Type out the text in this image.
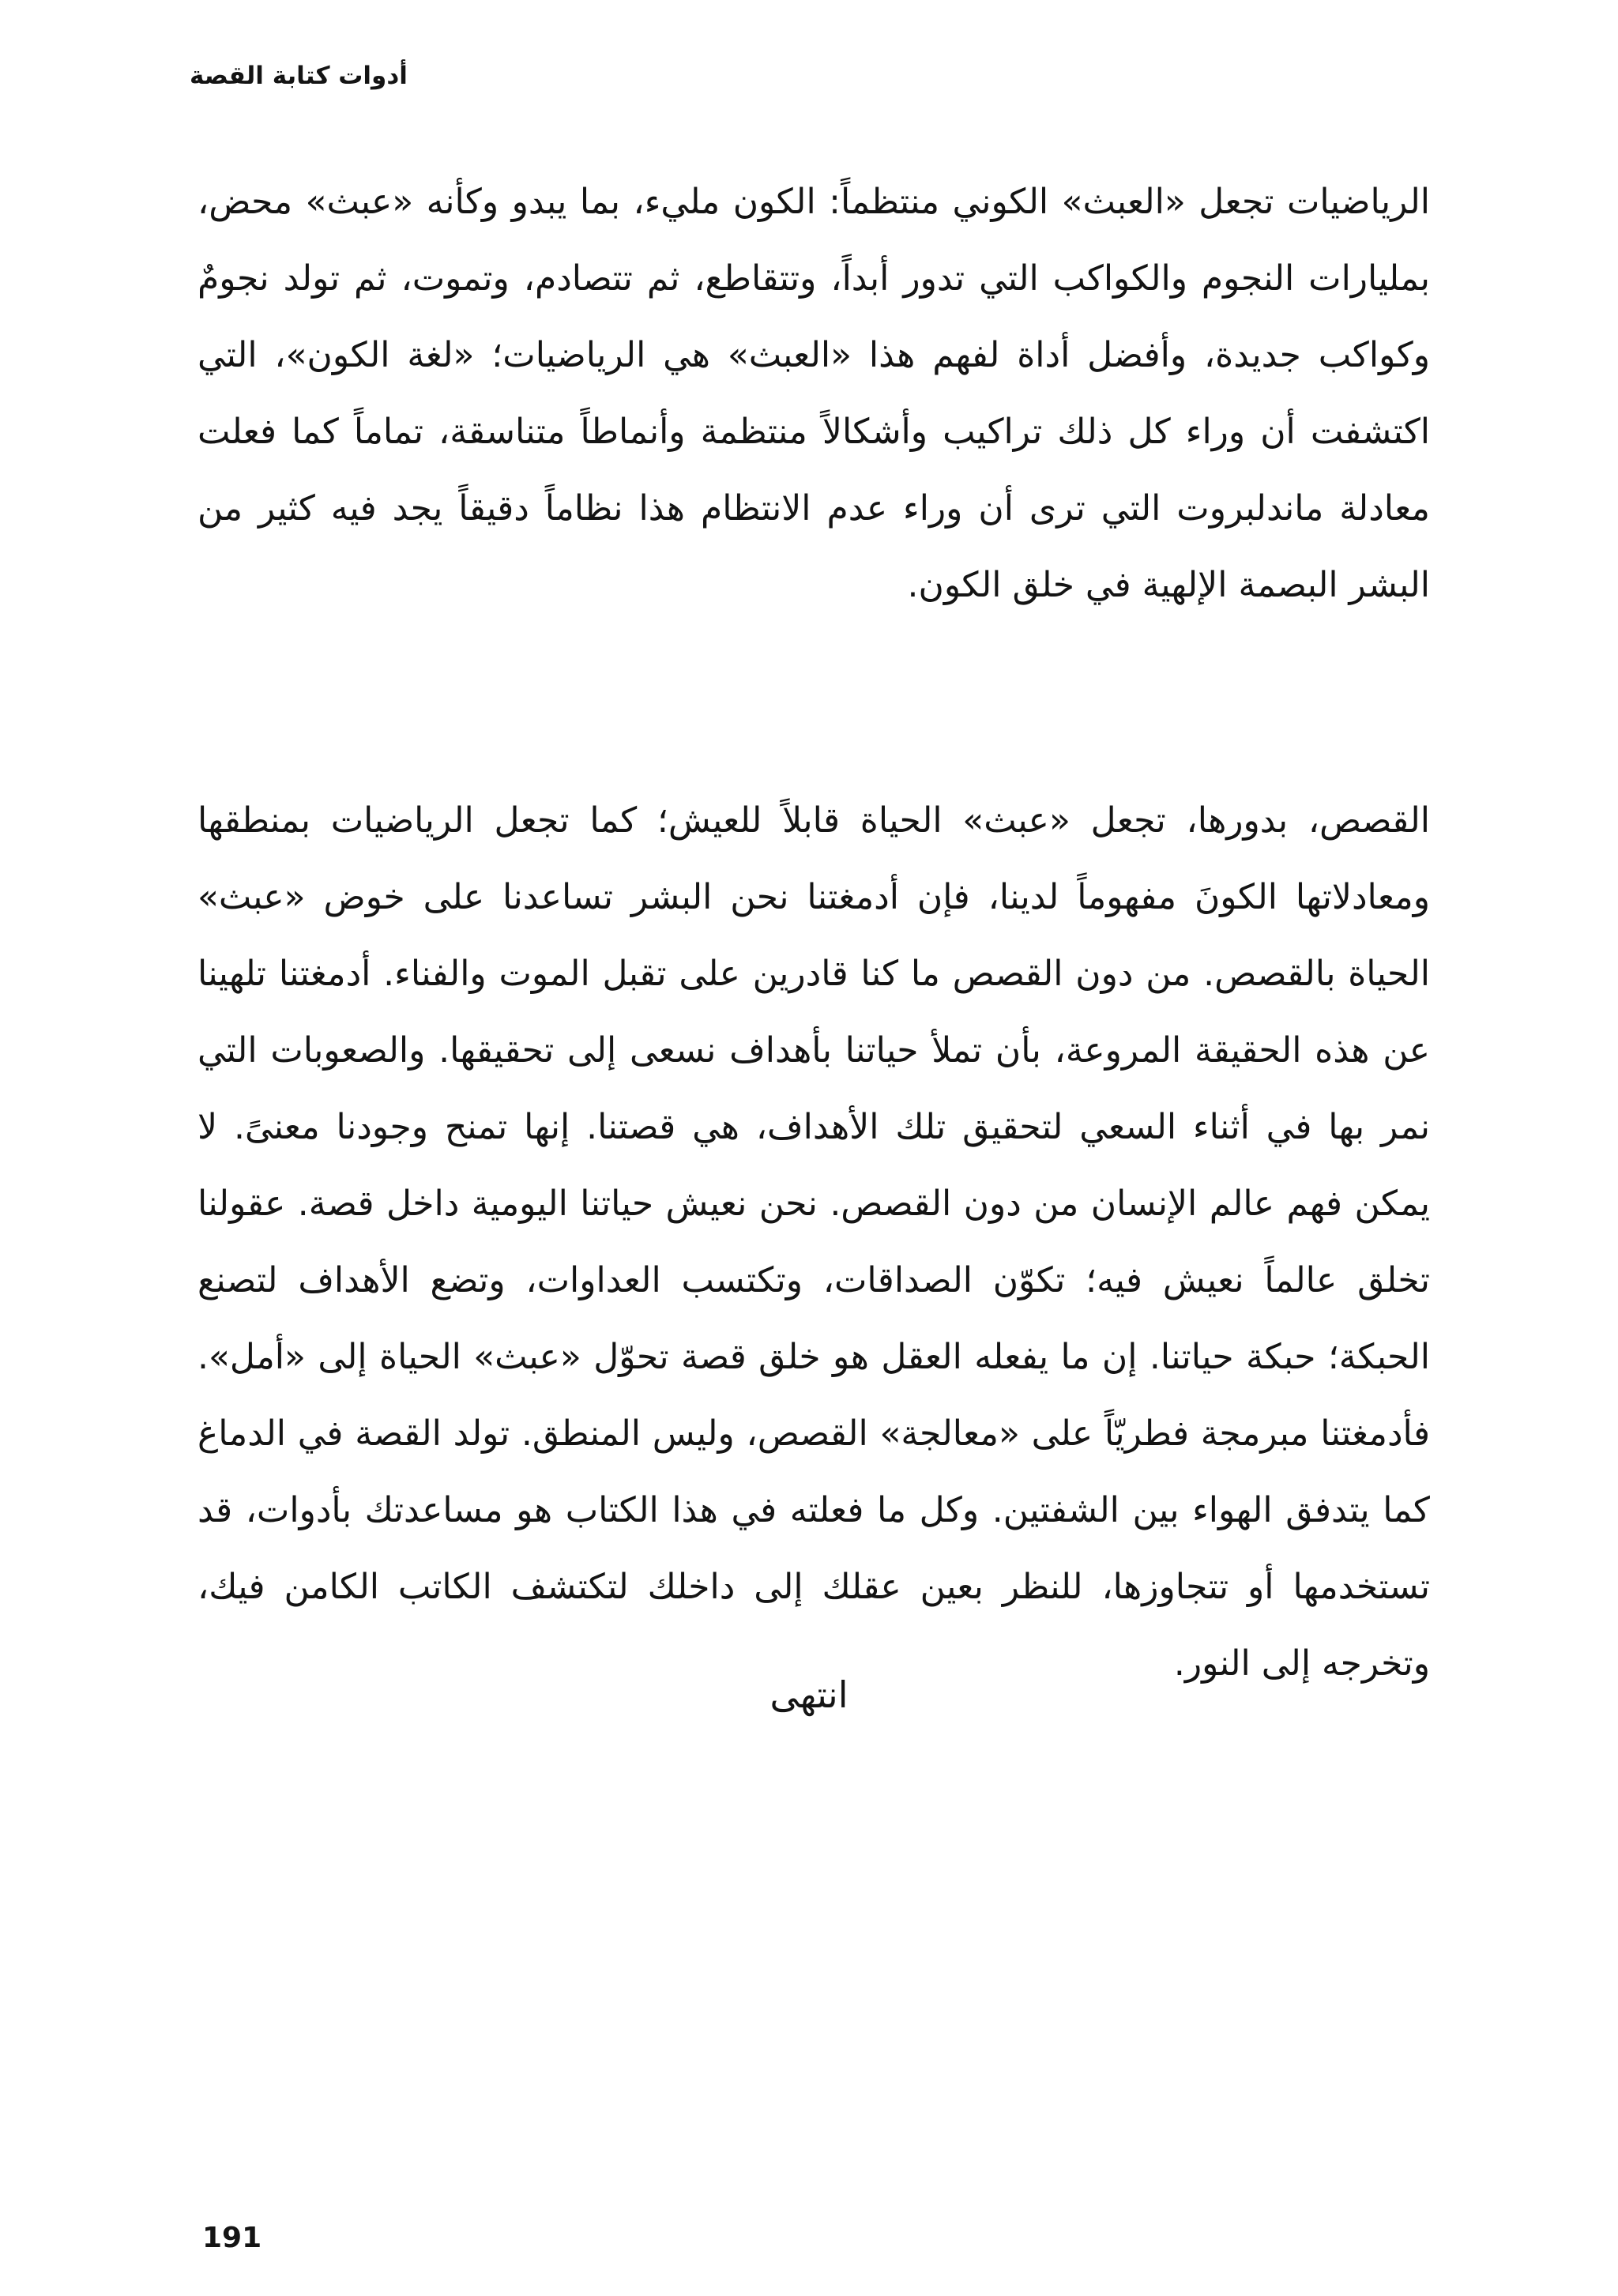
أدوات كتابة القصة

الرياضيات تجعل «العبث» الكوني منتظماً: الكون مليء، بما يبدو وكأنه «عبث» محض، بمليارات النجوم والكواكب التي تدور أبداً، وتتقاطع، ثم تتصادم، وتموت، ثم تولد نجومٌ وكواكب جديدة، وأفضل أداة لفهم هذا «العبث» هي الرياضيات؛ «لغة الكون»، التي اكتشفت أن وراء كل ذلك تراكيب وأشكالاً منتظمة وأنماطاً متناسقة، تماماً كما فعلت معادلة ماندلبروت التي ترى أن وراء عدم الانتظام هذا نظاماً دقيقاً يجد فيه كثير من البشر البصمة الإلهية في خلق الكون.

القصص، بدورها، تجعل «عبث» الحياة قابلاً للعيش؛ كما تجعل الرياضيات بمنطقها ومعادلاتها الكونَ مفهوماً لدينا، فإن أدمغتنا نحن البشر تساعدنا على خوض «عبث» الحياة بالقصص. من دون القصص ما كنا قادرين على تقبل الموت والفناء. أدمغتنا تلهينا عن هذه الحقيقة المروعة، بأن تملأ حياتنا بأهداف نسعى إلى تحقيقها. والصعوبات التي نمر بها في أثناء السعي لتحقيق تلك الأهداف، هي قصتنا. إنها تمنح وجودنا معنىً. لا يمكن فهم عالم الإنسان من دون القصص. نحن نعيش حياتنا اليومية داخل قصة. عقولنا تخلق عالماً نعيش فيه؛ تكوّن الصداقات، وتكتسب العداوات، وتضع الأهداف لتصنع الحبكة؛ حبكة حياتنا. إن ما يفعله العقل هو خلق قصة تحوّل «عبث» الحياة إلى «أمل». فأدمغتنا مبرمجة فطريّاً على «معالجة» القصص، وليس المنطق. تولد القصة في الدماغ كما يتدفق الهواء بين الشفتين. وكل ما فعلته في هذا الكتاب هو مساعدتك بأدوات، قد تستخدمها أو تتجاوزها، للنظر بعين عقلك إلى داخلك لتكتشف الكاتب الكامن فيك، وتخرجه إلى النور.

انتهى
191
